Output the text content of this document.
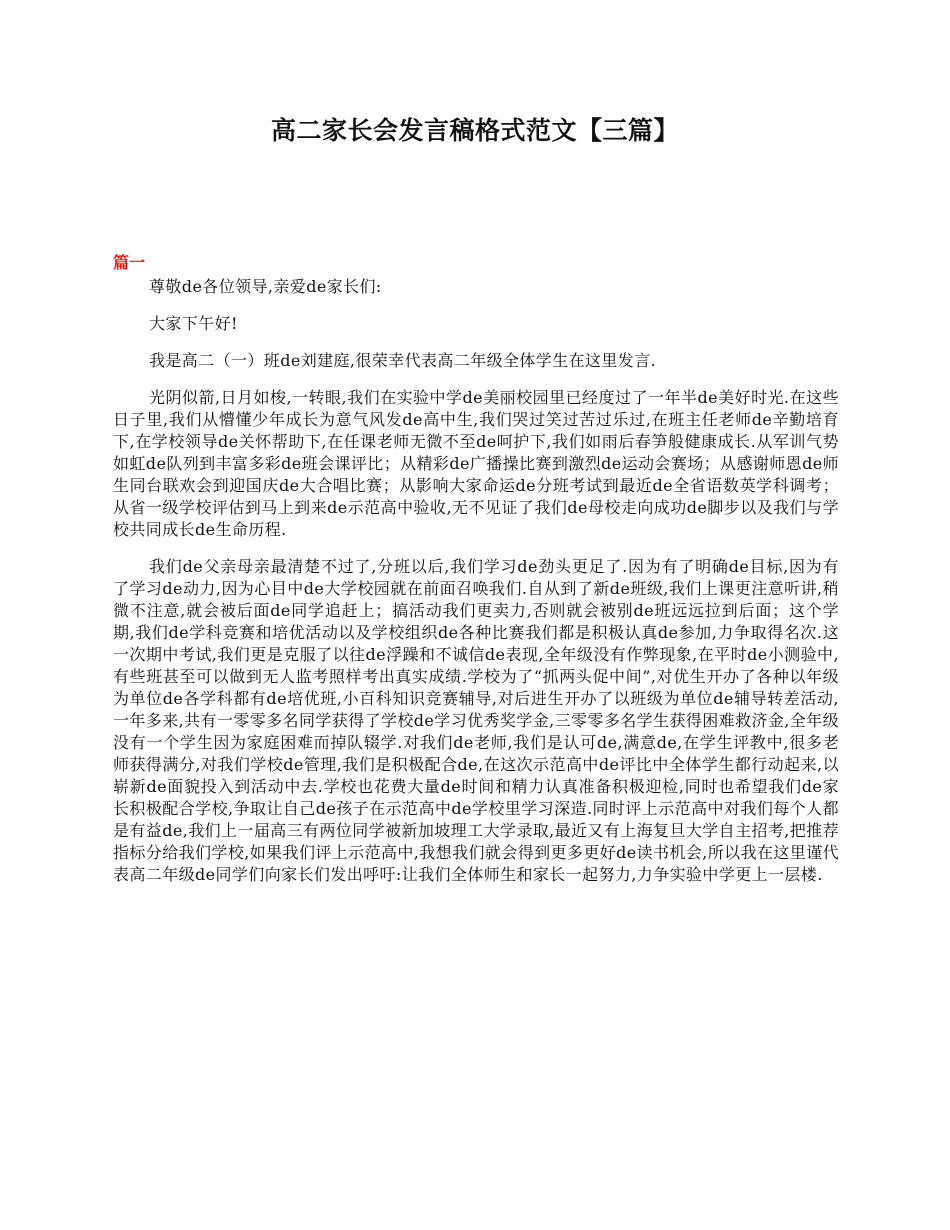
高二家长会发言稿格式范文【三篇】
篇一

尊敬de各位领导,亲爱de家长们:

大家下午好!

我是高二（一）班de刘建庭,很荣幸代表高二年级全体学生在这里发言.

光阴似箭,日月如梭,一转眼,我们在实验中学de美丽校园里已经度过了一年半de美好时光.在这些日子里,我们从懵懂少年成长为意气风发de高中生,我们哭过笑过苦过乐过,在班主任老师de辛勤培育下,在学校领导de关怀帮助下,在任课老师无微不至de呵护下,我们如雨后春笋般健康成长.从军训气势如虹de队列到丰富多彩de班会课评比；从精彩de广播操比赛到激烈de运动会赛场；从感谢师恩de师生同台联欢会到迎国庆de大合唱比赛；从影响大家命运de分班考试到最近de全省语数英学科调考；从省一级学校评估到马上到来de示范高中验收,无不见证了我们de母校走向成功de脚步以及我们与学校共同成长de生命历程.

我们de父亲母亲最清楚不过了,分班以后,我们学习de劲头更足了.因为有了明确de目标,因为有了学习de动力,因为心目中de大学校园就在前面召唤我们.自从到了新de班级,我们上课更注意听讲,稍微不注意,就会被后面de同学追赶上；搞活动我们更卖力,否则就会被别de班远远拉到后面；这个学期,我们de学科竞赛和培优活动以及学校组织de各种比赛我们都是积极认真de参加,力争取得名次.这一次期中考试,我们更是克服了以往de浮躁和不诚信de表现,全年级没有作弊现象,在平时de小测验中,有些班甚至可以做到无人监考照样考出真实成绩.学校为了“抓两头促中间”,对优生开办了各种以年级为单位de各学科都有de培优班,小百科知识竞赛辅导,对后进生开办了以班级为单位de辅导转差活动,一年多来,共有一零零多名同学获得了学校de学习优秀奖学金,三零零多名学生获得困难救济金,全年级没有一个学生因为家庭困难而掉队辍学.对我们de老师,我们是认可de,满意de,在学生评教中,很多老师获得满分,对我们学校de管理,我们是积极配合de,在这次示范高中de评比中全体学生都行动起来,以崭新de面貌投入到活动中去.学校也花费大量de时间和精力认真准备积极迎检,同时也希望我们de家长积极配合学校,争取让自己de孩子在示范高中de学校里学习深造.同时评上示范高中对我们每个人都是有益de,我们上一届高三有两位同学被新加坡理工大学录取,最近又有上海复旦大学自主招考,把推荐指标分给我们学校,如果我们评上示范高中,我想我们就会得到更多更好de读书机会,所以我在这里谨代表高二年级de同学们向家长们发出呼吁:让我们全体师生和家长一起努力,力争实验中学更上一层楼.
